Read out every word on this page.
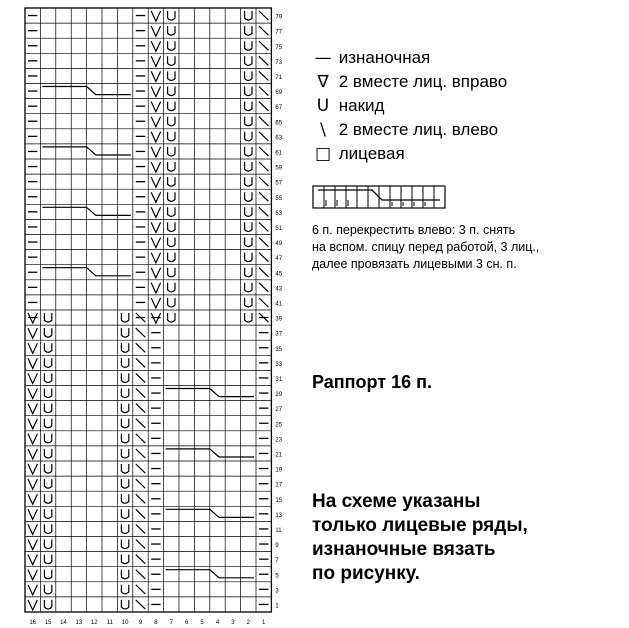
79
77
75
73
71
69
67
65
63
61
59
57
55
53
51
49
47
45
43
41
39
37
35
33
31
29
27
25
23
21
19
17
15
13
11
9
7
5
3
1
16 15 14 13 12 11 10 9 8 7 6 5 4 3 2 1
— изнаночная
∇ 2 вместе лиц. вправо
U накид
\ 2 вместе лиц. влево
□ лицевая
6 п. перекрестить влево: 3 п. снять
на вспом. спицу перед работой, 3 лиц.,
далее провязать лицевыми 3 сн. п.
Раппорт 16 п.
На схеме указаны
только лицевые ряды,
изнаночные вязать
по рисунку.
